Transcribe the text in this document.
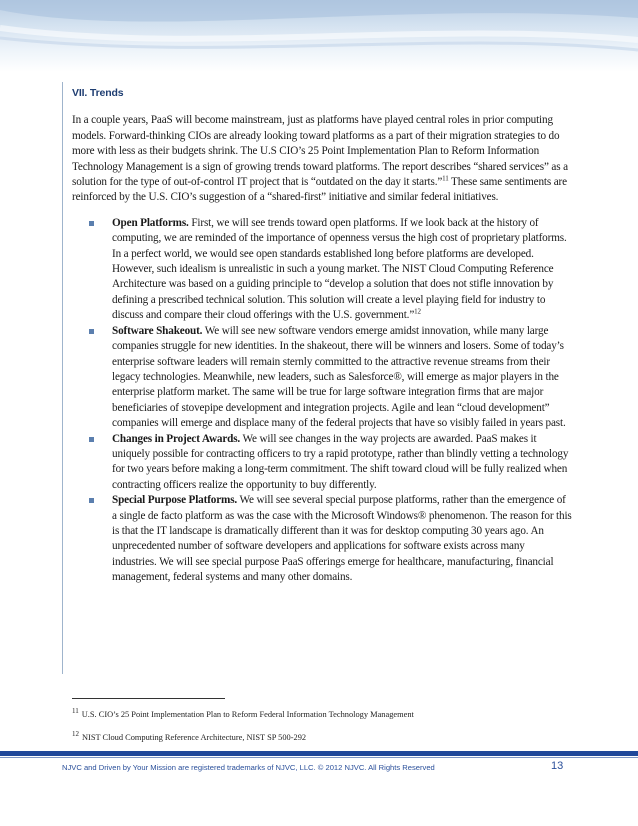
VII. Trends

In a couple years, PaaS will become mainstream, just as platforms have played central roles in prior computing models. Forward-thinking CIOs are already looking toward platforms as a part of their migration strategies to do more with less as their budgets shrink. The U.S CIO’s 25 Point Implementation Plan to Reform Information Technology Management is a sign of growing trends toward platforms. The report describes “shared services” as a solution for the type of out-of-control IT project that is “outdated on the day it starts.”$^{11}$ These same sentiments are reinforced by the U.S. CIO’s suggestion of a “shared-first” initiative and similar federal initiatives.

Open Platforms. First, we will see trends toward open platforms. If we look back at the history of computing, we are reminded of the importance of openness versus the high cost of proprietary platforms. In a perfect world, we would see open standards established long before platforms are developed. However, such idealism is unrealistic in such a young market. The NIST Cloud Computing Reference Architecture was based on a guiding principle to “develop a solution that does not stifle innovation by defining a prescribed technical solution. This solution will create a level playing field for industry to discuss and compare their cloud offerings with the U.S. government.”$^{12}$
Software Shakeout. We will see new software vendors emerge amidst innovation, while many large companies struggle for new identities. In the shakeout, there will be winners and losers. Some of today’s enterprise software leaders will remain sternly committed to the attractive revenue streams from their legacy technologies. Meanwhile, new leaders, such as Salesforce®, will emerge as major players in the enterprise platform market. The same will be true for large software integration firms that are major beneficiaries of stovepipe development and integration projects. Agile and lean “cloud development” companies will emerge and displace many of the federal projects that have so visibly failed in years past.
Changes in Project Awards. We will see changes in the way projects are awarded. PaaS makes it uniquely possible for contracting officers to try a rapid prototype, rather than blindly vetting a technology for two years before making a long-term commitment. The shift toward cloud will be fully realized when contracting officers realize the opportunity to buy differently.
Special Purpose Platforms. We will see several special purpose platforms, rather than the emergence of a single de facto platform as was the case with the Microsoft Windows® phenomenon. The reason for this is that the IT landscape is dramatically different than it was for desktop computing 30 years ago. An unprecedented number of software developers and applications for software exists across many industries. We will see special purpose PaaS offerings emerge for healthcare, manufacturing, financial management, federal systems and many other domains.
$^{11}$ U.S. CIO’s 25 Point Implementation Plan to Reform Federal Information Technology Management
$^{12}$ NIST Cloud Computing Reference Architecture, NIST SP 500-292
NJVC and Driven by Your Mission are registered trademarks of NJVC, LLC. © 2012 NJVC. All Rights Reserved	13
